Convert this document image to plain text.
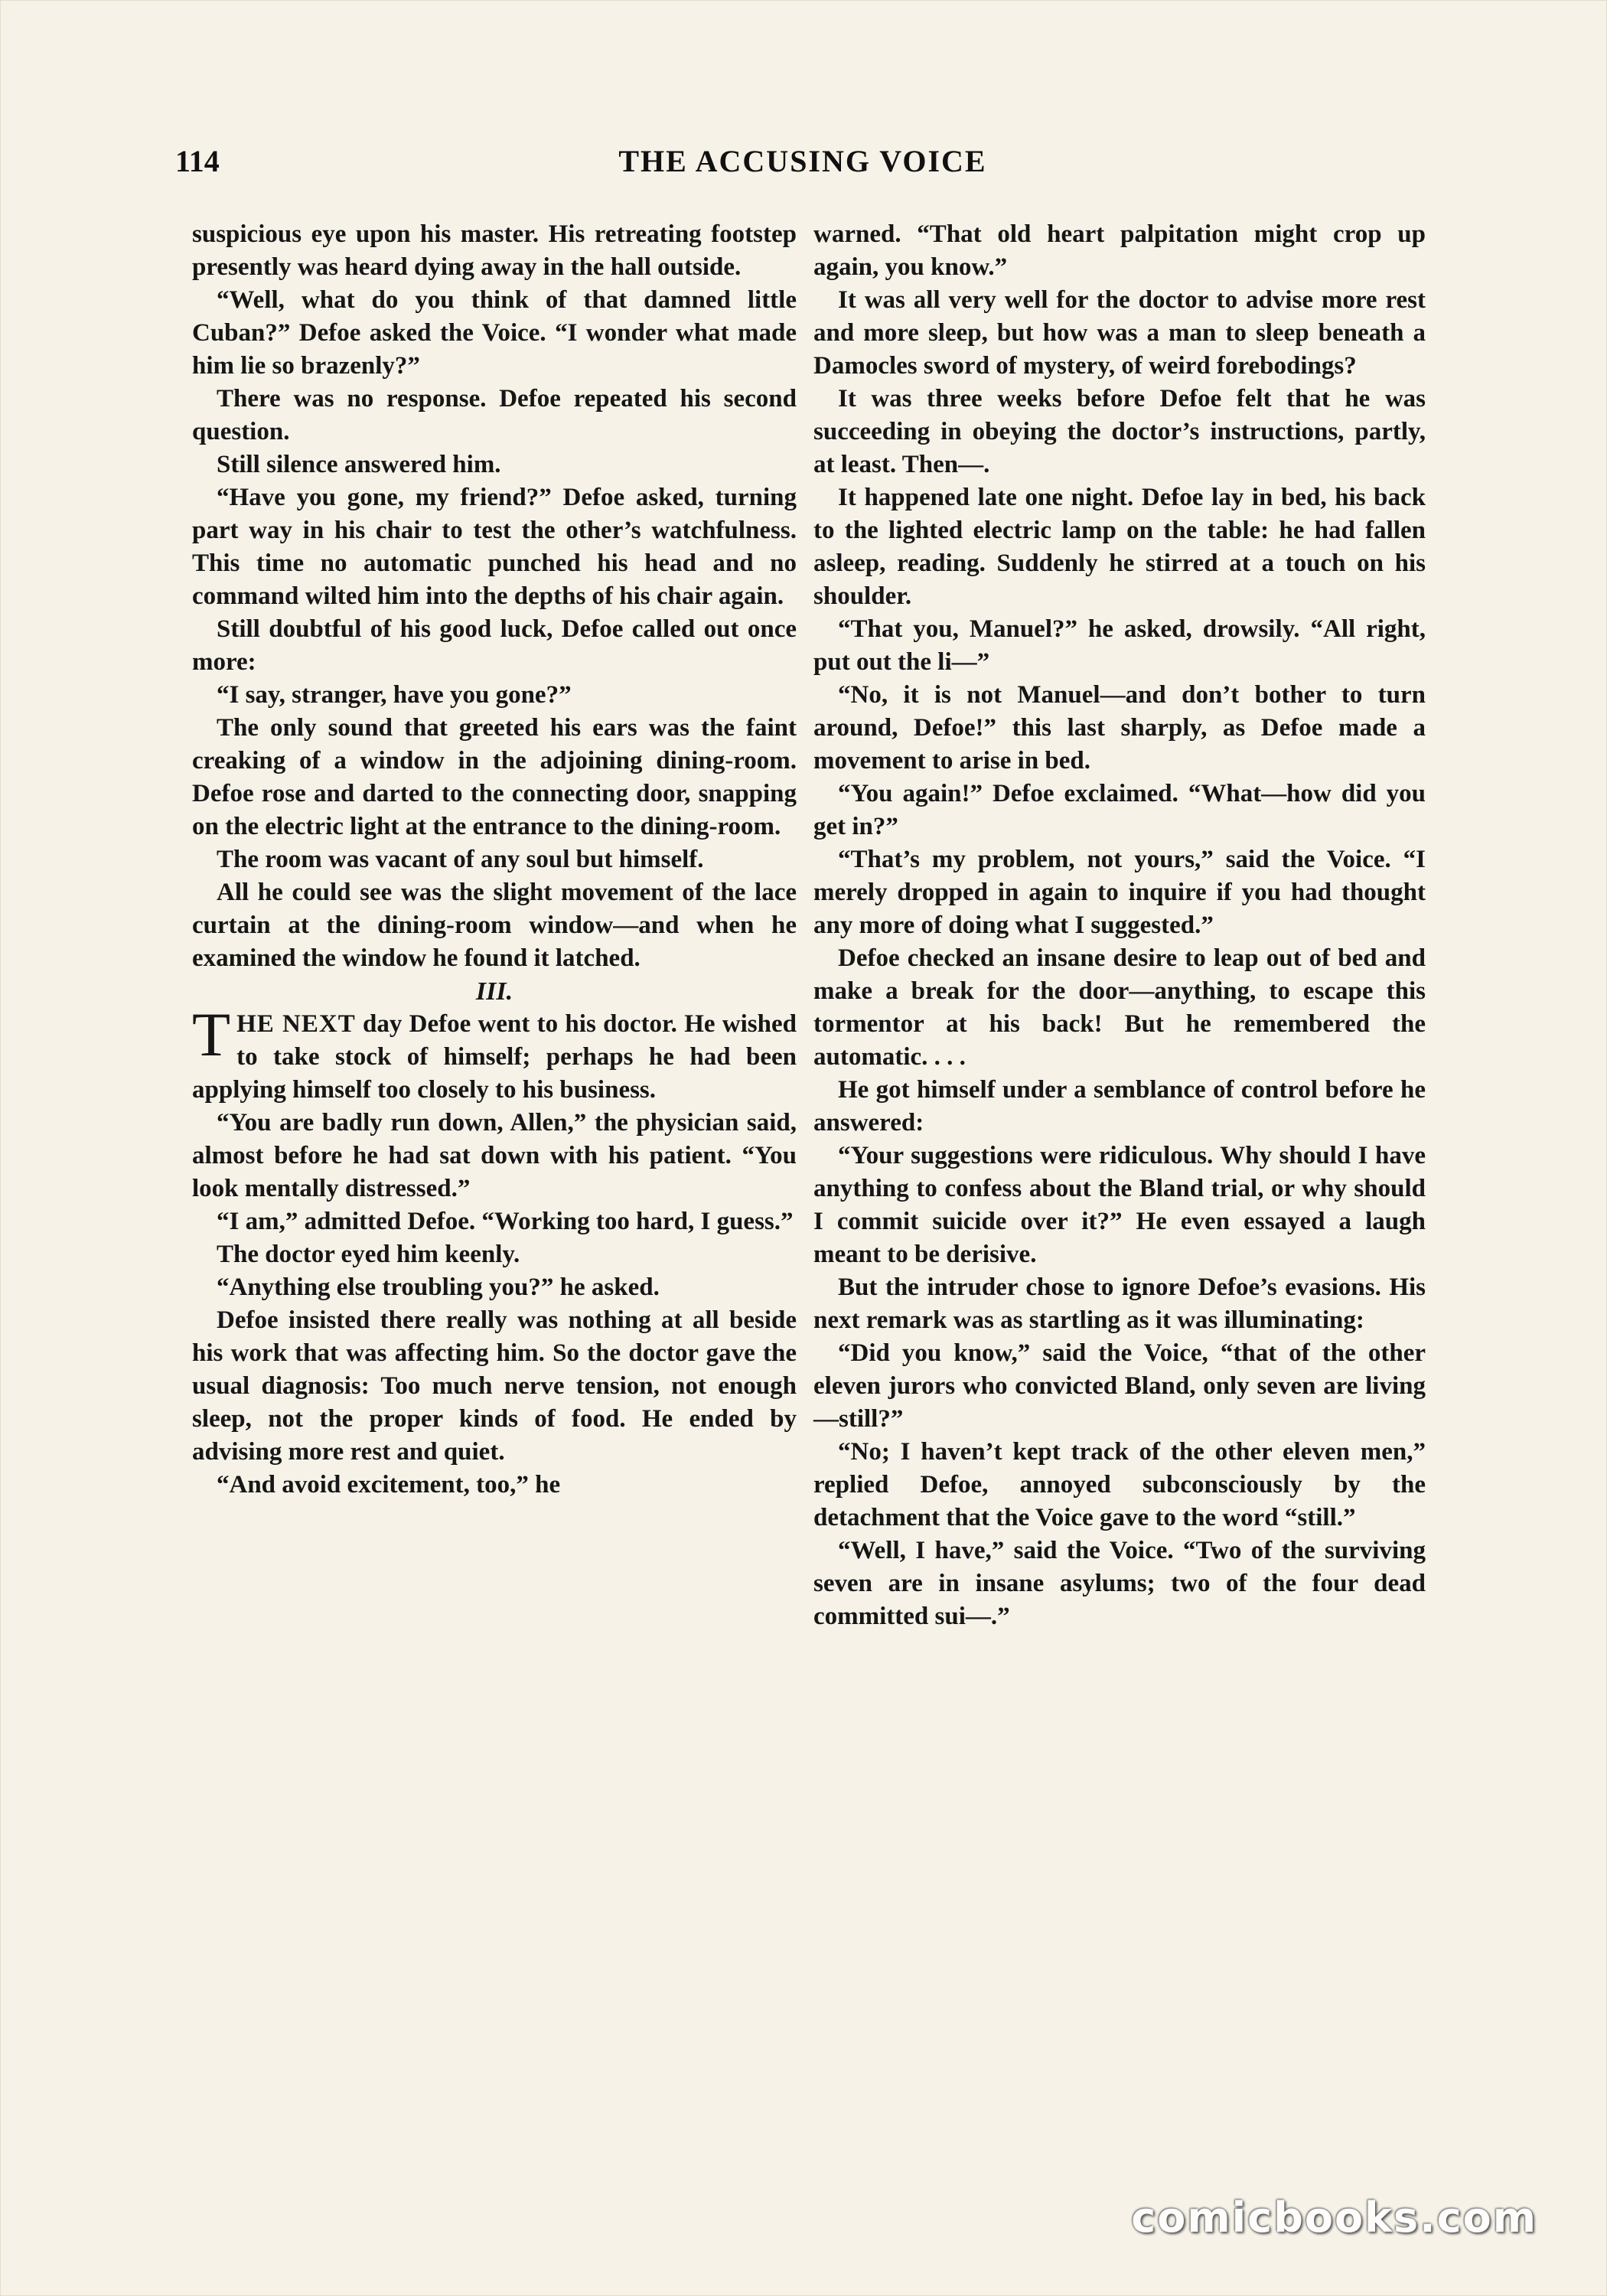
114	THE ACCUSING VOICE

suspicious eye upon his master. His retreating footstep presently was heard dying away in the hall outside.

“Well, what do you think of that damned little Cuban?” Defoe asked the Voice. “I wonder what made him lie so brazenly?”

There was no response. Defoe repeated his second question.

Still silence answered him.

“Have you gone, my friend?” Defoe asked, turning part way in his chair to test the other’s watchfulness. This time no automatic punched his head and no command wilted him into the depths of his chair again.

Still doubtful of his good luck, Defoe called out once more:

“I say, stranger, have you gone?”

The only sound that greeted his ears was the faint creaking of a window in the adjoining dining-room. Defoe rose and darted to the connecting door, snapping on the electric light at the entrance to the dining-room.

The room was vacant of any soul but himself.

All he could see was the slight movement of the lace curtain at the dining-room window—and when he examined the window he found it latched.

III.

THE NEXT day Defoe went to his doctor. He wished to take stock of himself; perhaps he had been applying himself too closely to his business.

“You are badly run down, Allen,” the physician said, almost before he had sat down with his patient. “You look mentally distressed.”

“I am,” admitted Defoe. “Working too hard, I guess.”

The doctor eyed him keenly.

“Anything else troubling you?” he asked.

Defoe insisted there really was nothing at all beside his work that was affecting him. So the doctor gave the usual diagnosis: Too much nerve tension, not enough sleep, not the proper kinds of food. He ended by advising more rest and quiet.

“And avoid excitement, too,” he

warned. “That old heart palpitation might crop up again, you know.”

It was all very well for the doctor to advise more rest and more sleep, but how was a man to sleep beneath a Damocles sword of mystery, of weird forebodings?

It was three weeks before Defoe felt that he was succeeding in obeying the doctor’s instructions, partly, at least. Then—.

It happened late one night. Defoe lay in bed, his back to the lighted electric lamp on the table: he had fallen asleep, reading. Suddenly he stirred at a touch on his shoulder.

“That you, Manuel?” he asked, drowsily. “All right, put out the li—”

“No, it is not Manuel—and don’t bother to turn around, Defoe!” this last sharply, as Defoe made a movement to arise in bed.

“You again!” Defoe exclaimed. “What—how did you get in?”

“That’s my problem, not yours,” said the Voice. “I merely dropped in again to inquire if you had thought any more of doing what I suggested.”

Defoe checked an insane desire to leap out of bed and make a break for the door—anything, to escape this tormentor at his back! But he remembered the automatic. . . .

He got himself under a semblance of control before he answered:

“Your suggestions were ridiculous. Why should I have anything to confess about the Bland trial, or why should I commit suicide over it?” He even essayed a laugh meant to be derisive.

But the intruder chose to ignore Defoe’s evasions. His next remark was as startling as it was illuminating:

“Did you know,” said the Voice, “that of the other eleven jurors who convicted Bland, only seven are living —still?”

“No; I haven’t kept track of the other eleven men,” replied Defoe, annoyed subconsciously by the detachment that the Voice gave to the word “still.”

“Well, I have,” said the Voice. “Two of the surviving seven are in insane asylums; two of the four dead committed sui—.”

comicbooks.com
